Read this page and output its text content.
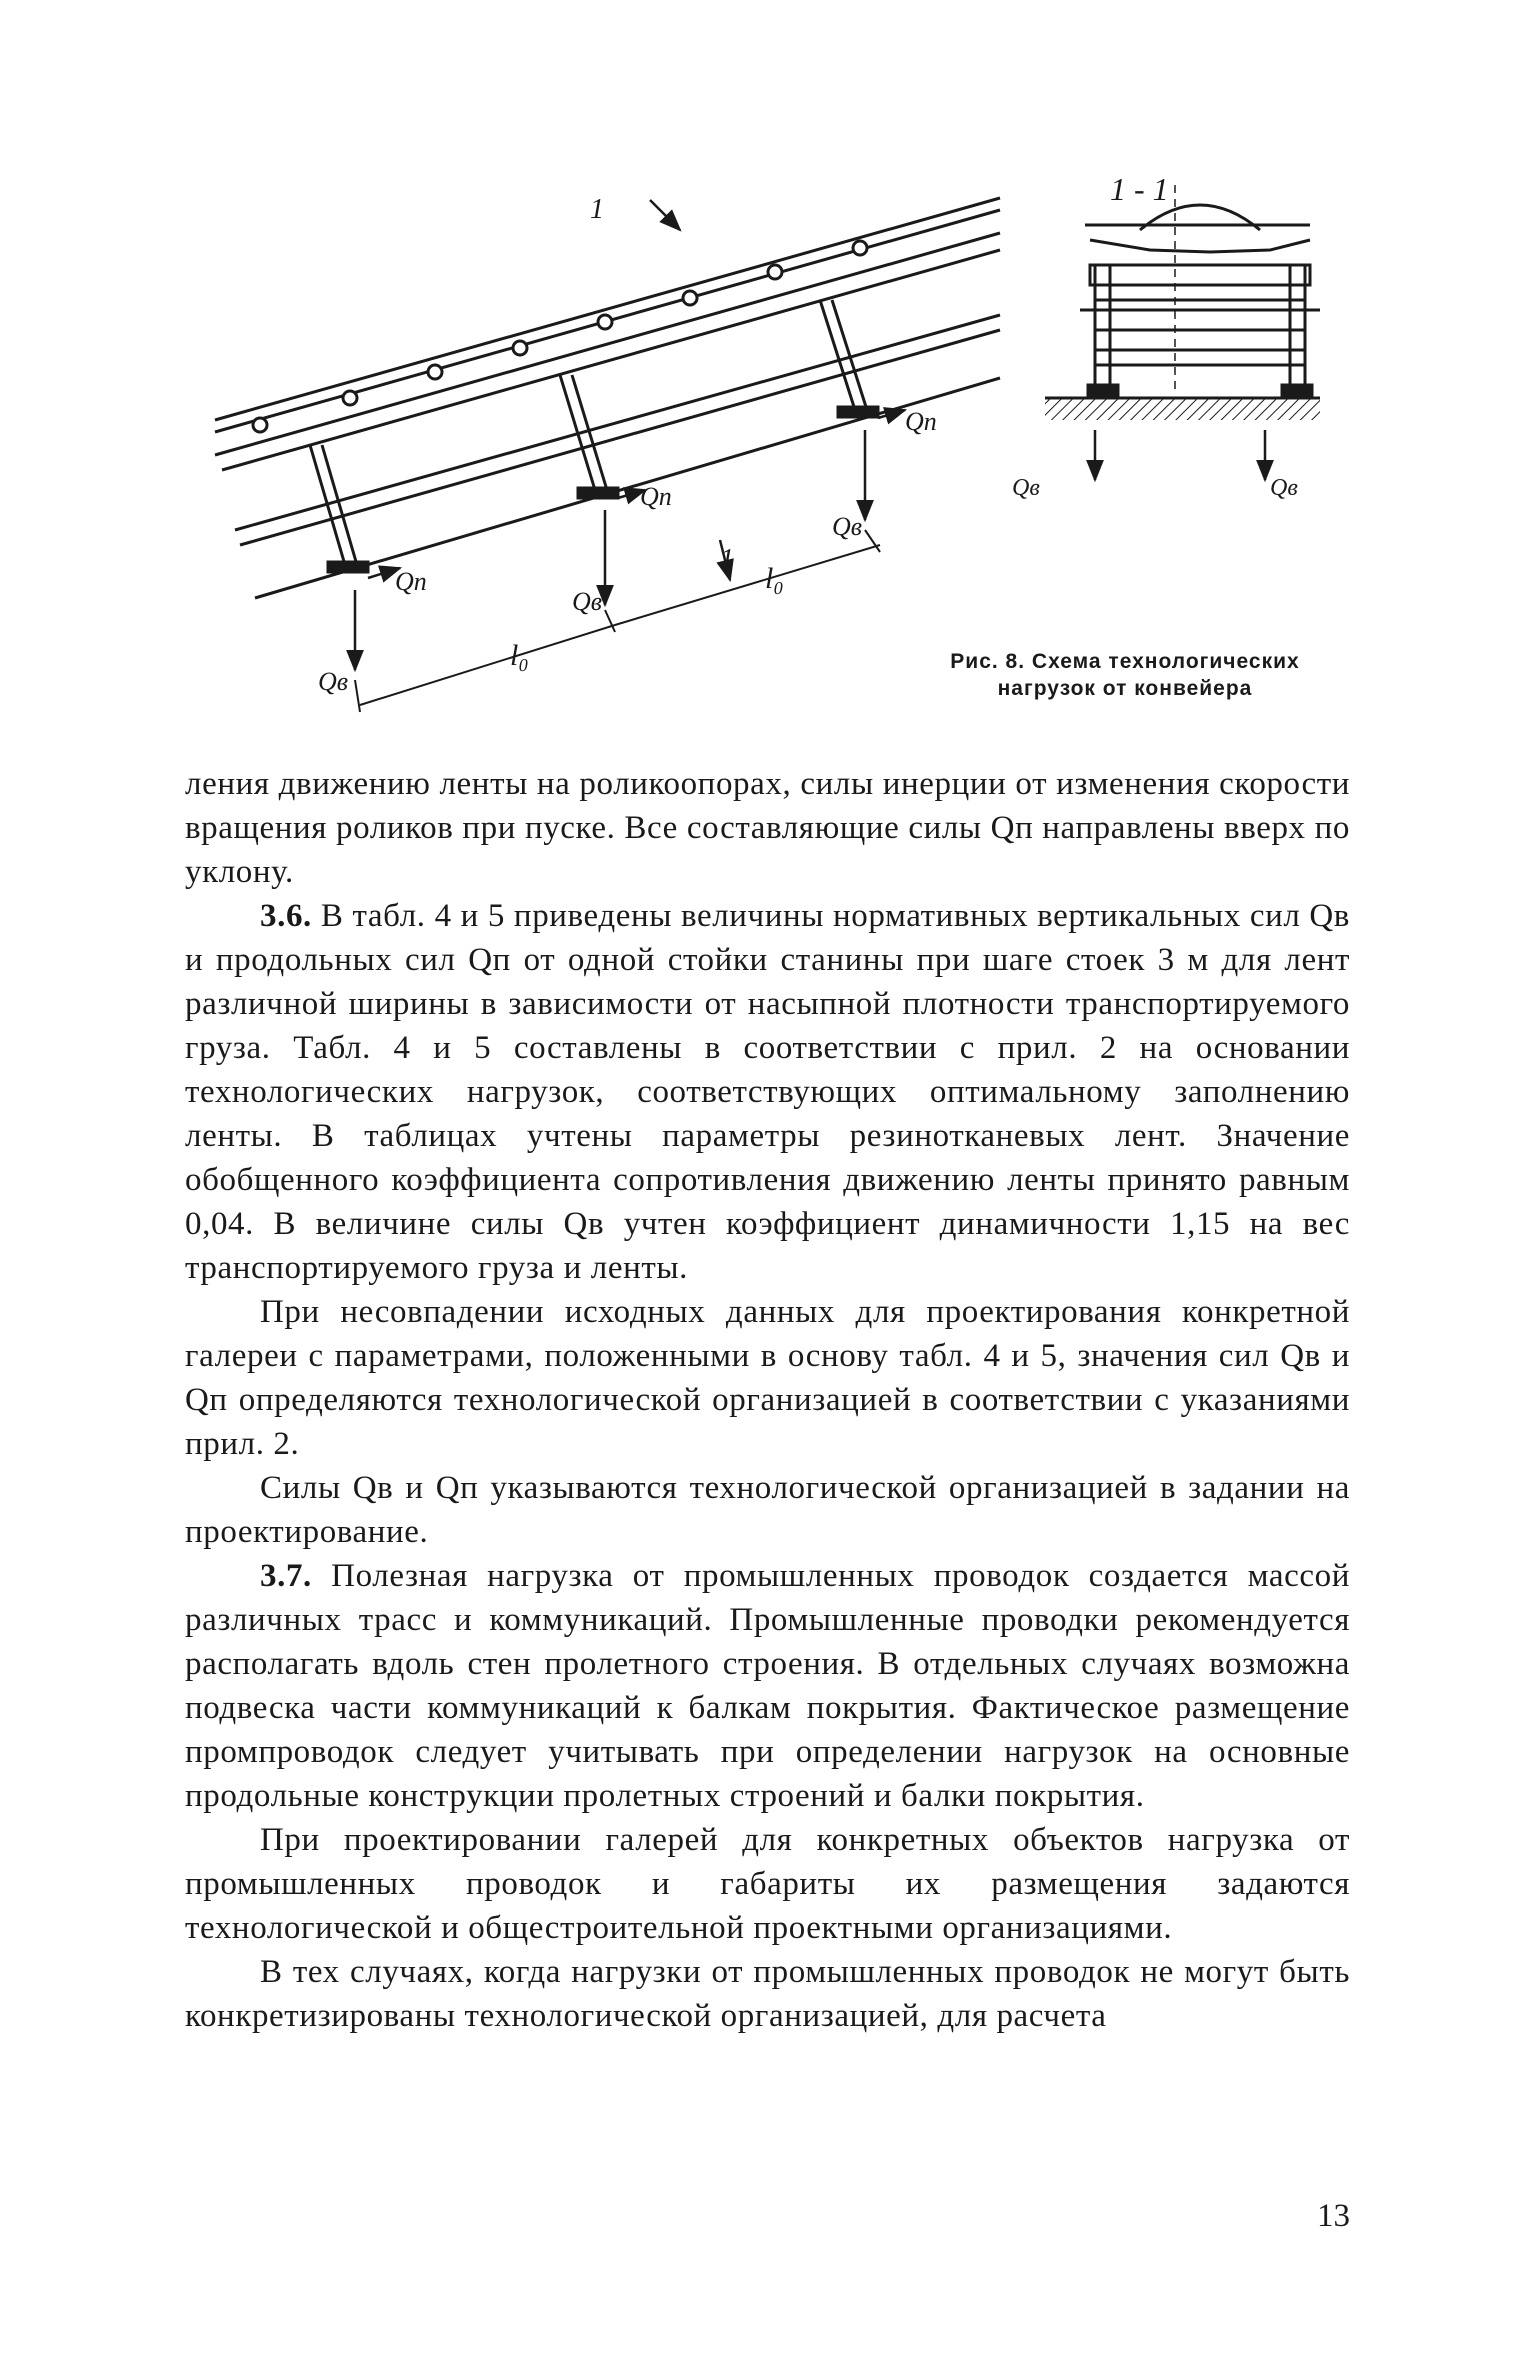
1 - 1
1
1
Qп
Qп
Qп
Qв
Qв
Qв
Qв	Qв
l₀
l₀
Рис. 8. Схема технологических
нагрузок от конвейера

ления движению ленты на роликоопорах, силы инерции от изменения скорости вращения роликов при пуске. Все составляющие силы Qп направлены вверх по уклону.

3.6. В табл. 4 и 5 приведены величины нормативных вертикальных сил Qв и продольных сил Qп от одной стойки станины при шаге стоек 3 м для лент различной ширины в зависимости от насыпной плотности транспортируемого груза. Табл. 4 и 5 составлены в соответствии с прил. 2 на основании технологических нагрузок, соответствующих оптимальному заполнению ленты. В таблицах учтены параметры резинотканевых лент. Значение обобщенного коэффициента сопротивления движению ленты принято равным 0,04. В величине силы Qв учтен коэффициент динамичности 1,15 на вес транспортируемого груза и ленты.

При несовпадении исходных данных для проектирования конкретной галереи с параметрами, положенными в основу табл. 4 и 5, значения сил Qв и Qп определяются технологической организацией в соответствии с указаниями прил. 2.

Силы Qв и Qп указываются технологической организацией в задании на проектирование.

3.7. Полезная нагрузка от промышленных проводок создается массой различных трасс и коммуникаций. Промышленные проводки рекомендуется располагать вдоль стен пролетного строения. В отдельных случаях возможна подвеска части коммуникаций к балкам покрытия. Фактическое размещение промпроводок следует учитывать при определении нагрузок на основные продольные конструкции пролетных строений и балки покрытия.

При проектировании галерей для конкретных объектов нагрузка от промышленных проводок и габариты их размещения задаются технологической и общестроительной проектными организациями.

В тех случаях, когда нагрузки от промышленных проводок не могут быть конкретизированы технологической организацией, для расчета

13
